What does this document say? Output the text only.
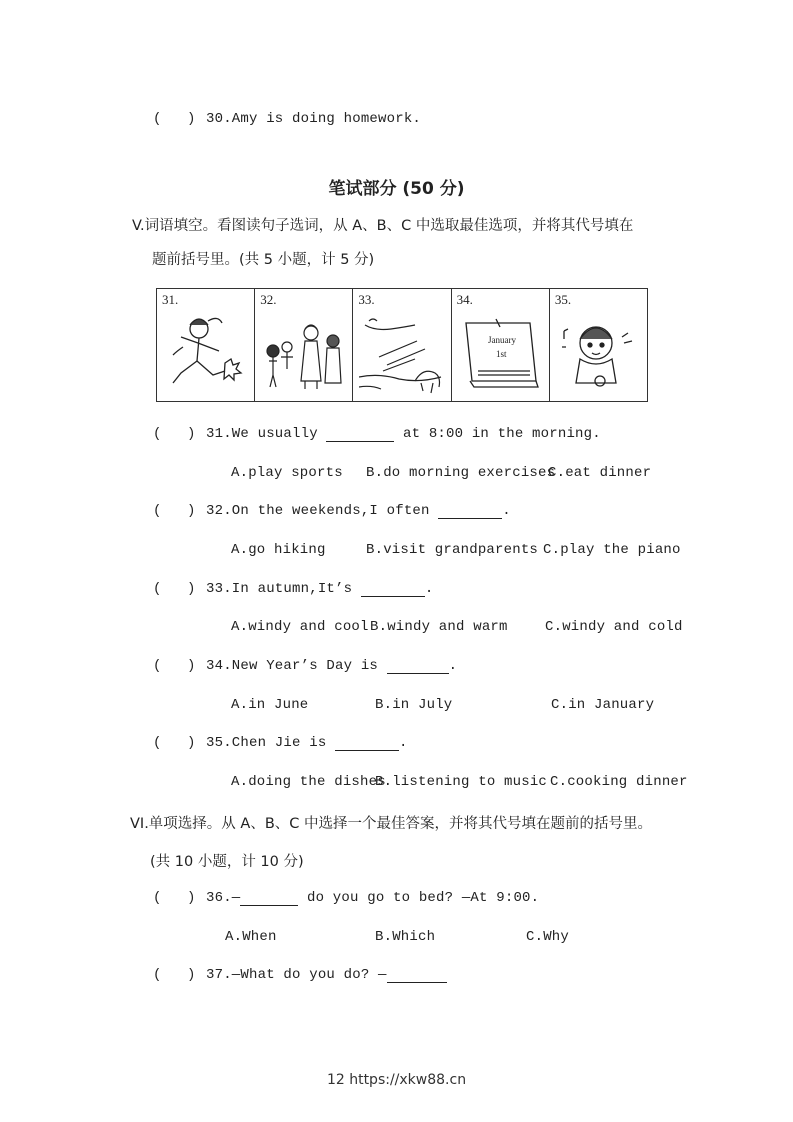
( ) 30.Amy is doing homework.
笔试部分 (50 分)
V.词语填空。看图读句子选词，从 A、B、C 中选取最佳选项，并将其代号填在
题前括号里。(共 5 小题，计 5 分)
31.	32.	33.	34.
January
1st
35.
( ) 31.We usually	at 8:00 in the morning.
A.play sports B.do morning exercises
C.eat dinner
( ) 32.On the weekends,I often	.
A.go hiking	B.visit grandparents C.play the piano
( ) 33.In autumn,It’s	.
A.windy and cool B.windy and warm	C.windy and cold
( ) 34.New Year’s Day is	.
A.in June	B.in July	C.in January
( ) 35.Chen Jie is	.
A.doing the dishes
B.listening to music C.cooking dinner
VI.单项选择。从 A、B、C 中选择一个最佳答案，并将其代号填在题前的括号里。
(共 10 小题，计 10 分)
( ) 36.—	do you go to bed? —At 9:00.
A.When	B.Which	C.Why
( ) 37.—What do you do? —
12 https://xkw88.cn
